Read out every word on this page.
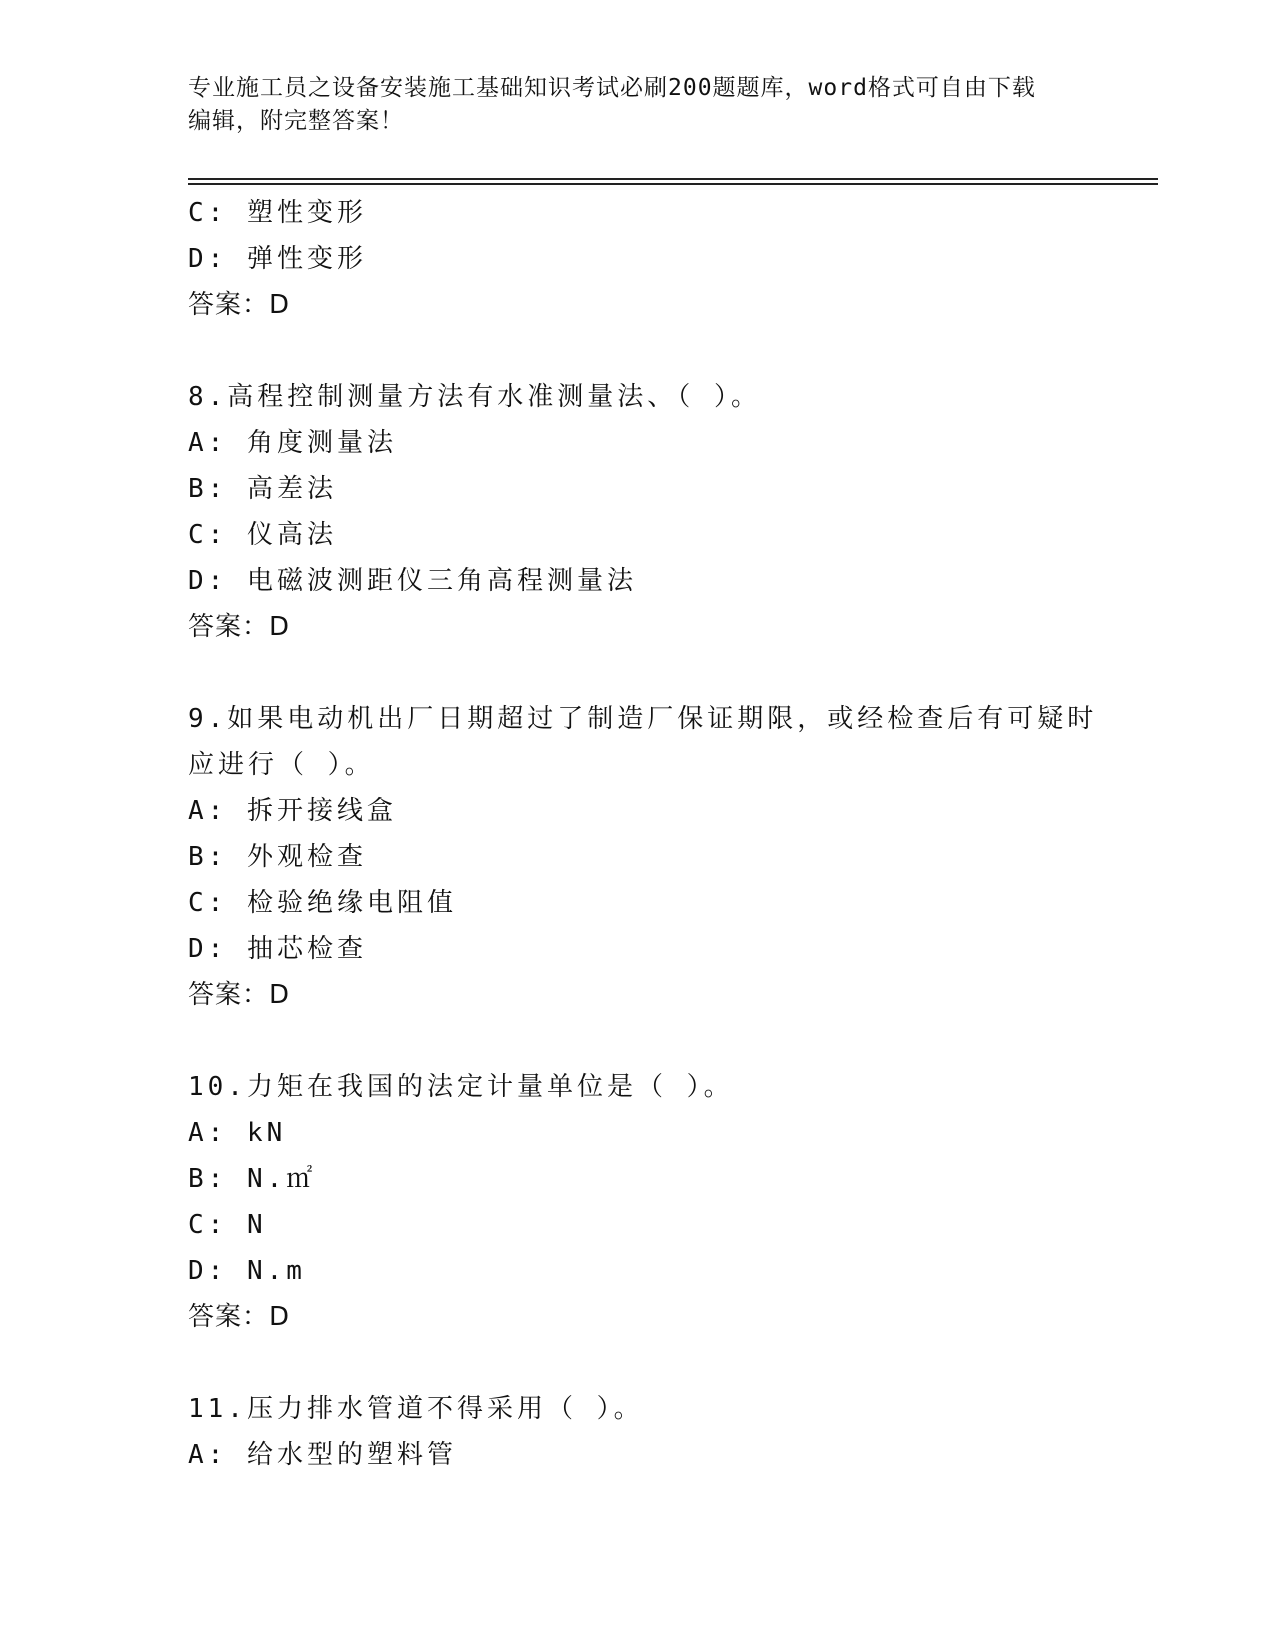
专业施工员之设备安装施工基础知识考试必刷200题题库，word格式可自由下载
编辑，附完整答案！
C: 塑性变形
D: 弹性变形
答案：D
8.高程控制测量方法有水准测量法、（ ）。
A: 角度测量法
B: 高差法
C: 仪高法
D: 电磁波测距仪三角高程测量法
答案：D
9.如果电动机出厂日期超过了制造厂保证期限，或经检查后有可疑时
应进行（ ）。
A: 拆开接线盒
B: 外观检查
C: 检验绝缘电阻值
D: 抽芯检查
答案：D
10.力矩在我国的法定计量单位是（ ）。
A: kN
B: N.㎡
C: N
D: N.m
答案：D
11.压力排水管道不得采用（ ）。
A: 给水型的塑料管
